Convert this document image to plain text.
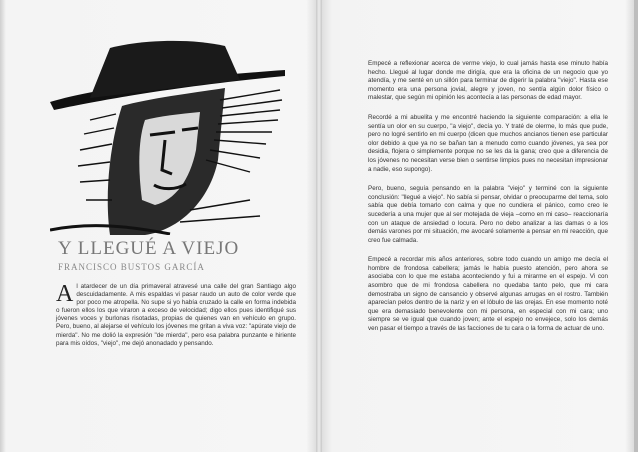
Y LLEGUÉ A VIEJO
FRANCISCO BUSTOS GARCÍA
Al atardecer de un día primaveral atravesé una calle del gran Santiago algo descuidadamente. A mis espaldas vi pasar raudo un auto de color verde que por poco me atropella. No supe si yo había cruzado la calle en forma indebida o fueron ellos los que viraron a exceso de velocidad; digo ellos pues identifiqué sus jóvenes voces y burlonas risotadas, propias de quienes van en vehículo en grupo. Pero, bueno, al alejarse el vehículo los jóvenes me gritan a viva voz: "apúrate viejo de mierda". No me dolió la expresión "de mierda", pero esa palabra punzante e hiriente para mis oídos, "viejo", me dejó anonadado y pensando.

Empecé a reflexionar acerca de verme viejo, lo cual jamás hasta ese minuto había hecho. Llegué al lugar donde me dirigía, que era la oficina de un negocio que yo atendía, y me senté en un sillón para terminar de digerir la palabra "viejo". Hasta ese momento era una persona jovial, alegre y joven, no sentía algún dolor físico o malestar, que según mi opinión les acontecía a las personas de edad mayor.

Recordé a mi abuelita y me encontré haciendo la siguiente comparación: a ella le sentía un olor en su cuerpo, "a viejo", decía yo. Y traté de olerme, lo más que pude, pero no logré sentirlo en mi cuerpo (dicen que muchos ancianos tienen ese particular olor debido a que ya no se bañan tan a menudo como cuando jóvenes, ya sea por desidia, flojera o simplemente porque no se les da la gana; creo que a diferencia de los jóvenes no necesitan verse bien o sentirse limpios pues no necesitan impresionar a nadie, eso supongo).

Pero, bueno, seguía pensando en la palabra "viejo" y terminé con la siguiente conclusión: "llegué a viejo". No sabía si pensar, olvidar o preocuparme del tema, solo sabía que debía tomarlo con calma y que no cundiera el pánico, como creo le sucedería a una mujer que al ser motejada de vieja –como en mi caso– reaccionaría con un ataque de ansiedad o locura. Pero no debo analizar a las damas o a los demás varones por mi situación, me avocaré solamente a pensar en mi reacción, que creo fue calmada.

Empecé a recordar mis años anteriores, sobre todo cuando un amigo me decía el hombre de frondosa cabellera; jamás le había puesto atención, pero ahora se asociaba con lo que me estaba aconteciendo y fui a mirarme en el espejo. Vi con asombro que de mi frondosa cabellera no quedaba tanto pelo, que mi cara demostraba un signo de cansancio y observé algunas arrugas en el rostro. También aparecían pelos dentro de la nariz y en el lóbulo de las orejas. En ese momento noté que era demasiado benevolente con mi persona, en especial con mi cara; uno siempre se ve igual que cuando joven; ante el espejo no envejece, solo los demás ven pasar el tiempo a través de las facciones de tu cara o la forma de actuar de uno.
